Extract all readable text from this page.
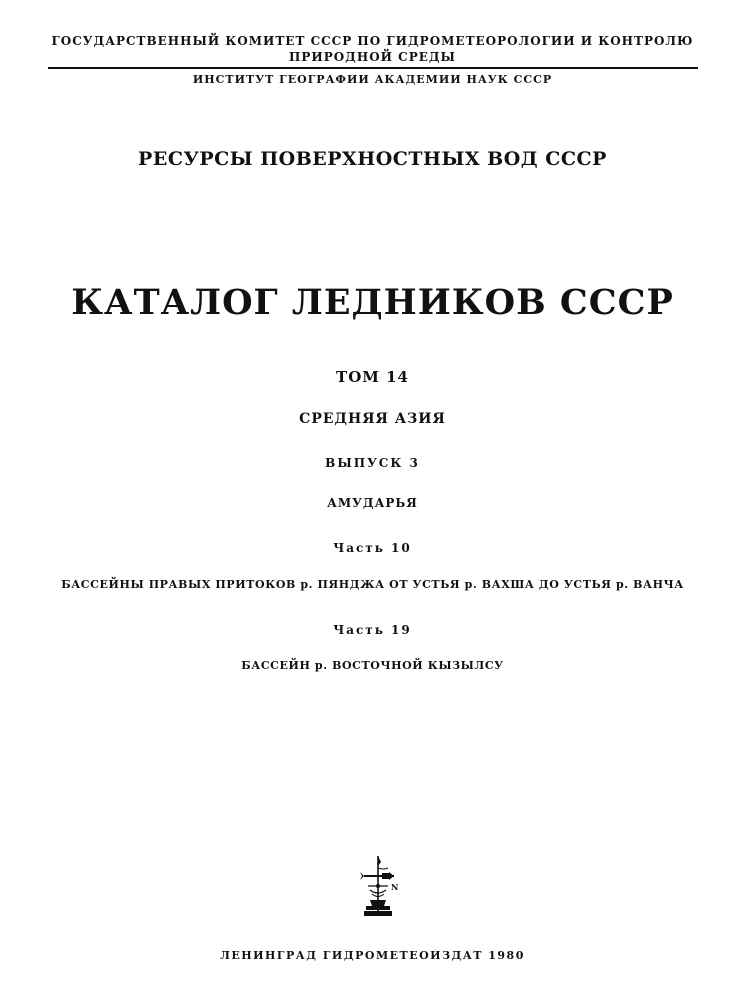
ГОСУДАРСТВЕННЫЙ КОМИТЕТ СССР ПО ГИДРОМЕТЕОРОЛОГИИ И КОНТРОЛЮ
ПРИРОДНОЙ СРЕДЫ
ИНСТИТУТ ГЕОГРАФИИ АКАДЕМИИ НАУК СССР
РЕСУРСЫ ПОВЕРХНОСТНЫХ ВОД СССР
КАТАЛОГ ЛЕДНИКОВ СССР
ТОМ 14
СРЕДНЯЯ АЗИЯ
ВЫПУСК 3
АМУДАРЬЯ
Часть 10
БАССЕЙНЫ ПРАВЫХ ПРИТОКОВ р. ПЯНДЖА ОТ УСТЬЯ р. ВАХША ДО УСТЬЯ р. ВАНЧА
Часть 19
БАССЕЙН р. ВОСТОЧНОЙ КЫЗЫЛСУ
N
ЛЕНИНГРАД ГИДРОМЕТЕОИЗДАТ 1980
